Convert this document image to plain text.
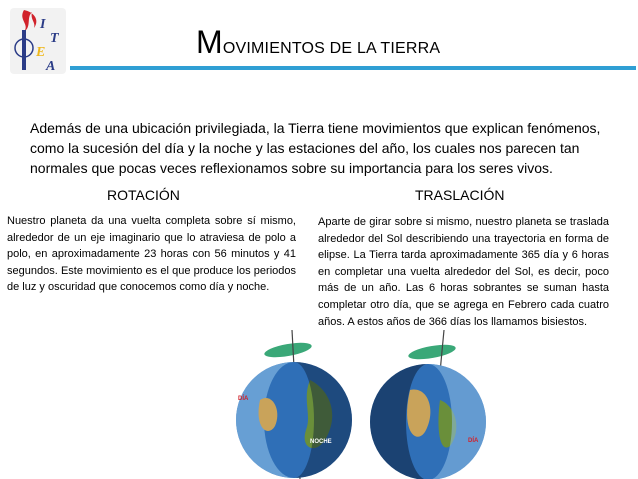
I
T
E
A
MOVIMIENTOS DE LA TIERRA
Además de una ubicación privilegiada, la Tierra tiene movimientos que explican fenómenos, como la sucesión del día y la noche y las estaciones del año, los cuales nos parecen tan normales que pocas veces reflexionamos sobre su importancia para los seres vivos.
ROTACIÓN	TRASLACIÓN
Nuestro planeta da una vuelta completa sobre sí mismo, alrededor de un eje imaginario que lo atraviesa de polo a polo, en aproximadamente 23 horas con 56 minutos y 41 segundos. Este movimiento es el que produce los periodos de luz y oscuridad que conocemos como día y noche.
Aparte de girar sobre si mismo, nuestro planeta se traslada alrededor del Sol describiendo una trayectoria en forma de elipse. La Tierra tarda aproximadamente 365 día y 6 horas en completar una vuelta alrededor del Sol, es decir, poco más de un año. Las 6 horas sobrantes se suman hasta completar otro día, que se agrega en Febrero cada cuatro años. A estos años de 366 días los llamamos bisiestos.
DÍA
NOCHE
NOCHE
DÍA
